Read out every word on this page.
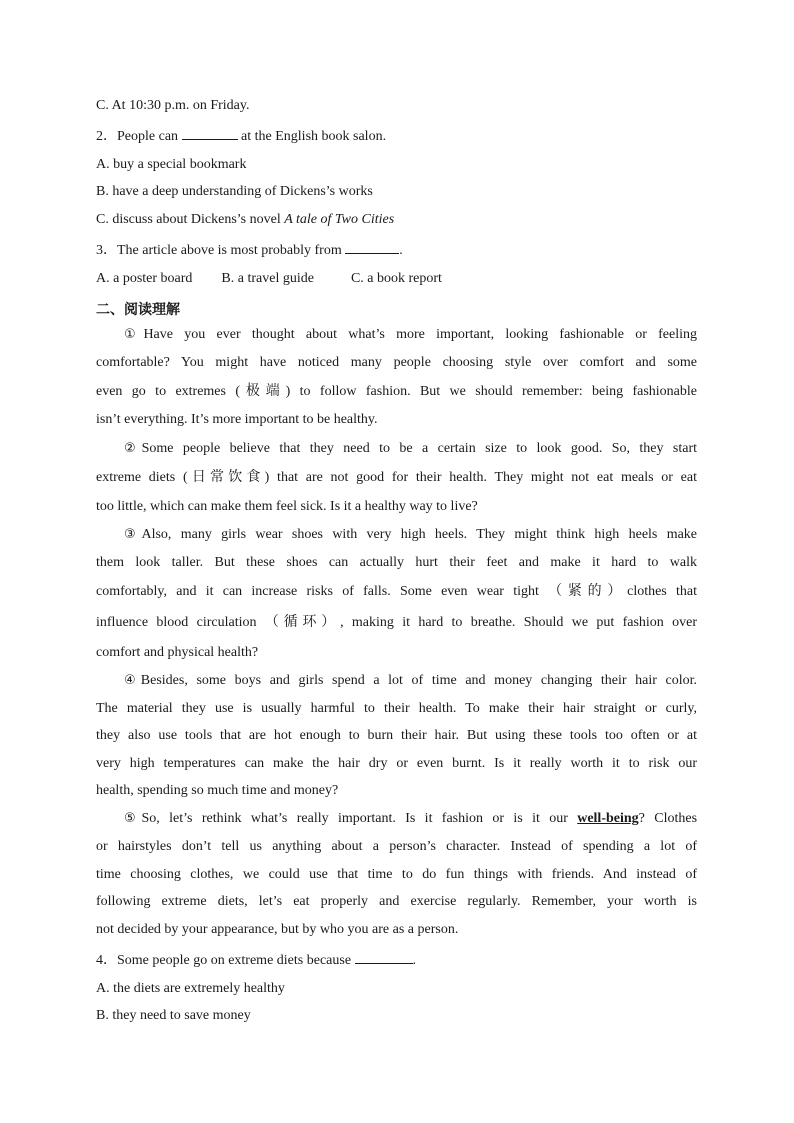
C. At 10:30 p.m. on Friday.
2．People can	at the English book salon.
A. buy a special bookmark
B. have a deep understanding of Dickens’s works
C. discuss about Dickens’s novel A tale of Two Cities
3．The article above is most probably from	.
A. a poster board B. a travel guide	C. a book report
二、阅读理解
①Have you ever thought about what’s more important, looking fashionable or feeling
comfortable? You might have noticed many people choosing style over comfort and some
even go to extremes (极端) to follow fashion. But we should remember: being fashionable
isn’t everything. It’s more important to be healthy.
②Some people believe that they need to be a certain size to look good. So, they start
extreme diets (日常饮食) that are not good for their health. They might not eat meals or eat
too little, which can make them feel sick. Is it a healthy way to live?
③Also, many girls wear shoes with very high heels. They might think high heels make
them look taller. But these shoes can actually hurt their feet and make it hard to walk
comfortably, and it can increase risks of falls. Some even wear tight （紧的）clothes that
influence blood circulation （循环）, making it hard to breathe. Should we put fashion over
comfort and physical health?
④Besides, some boys and girls spend a lot of time and money changing their hair color.
The material they use is usually harmful to their health. To make their hair straight or curly,
they also use tools that are hot enough to burn their hair. But using these tools too often or at
very high temperatures can make the hair dry or even burnt. Is it really worth it to risk our
health, spending so much time and money?
⑤So, let’s rethink what’s really important. Is it fashion or is it our well-being? Clothes
or hairstyles don’t tell us anything about a person’s character. Instead of spending a lot of
time choosing clothes, we could use that time to do fun things with friends. And instead of
following extreme diets, let’s eat properly and exercise regularly. Remember, your worth is
not decided by your appearance, but by who you are as a person.
4．Some people go on extreme diets because	.
A. the diets are extremely healthy
B. they need to save money
